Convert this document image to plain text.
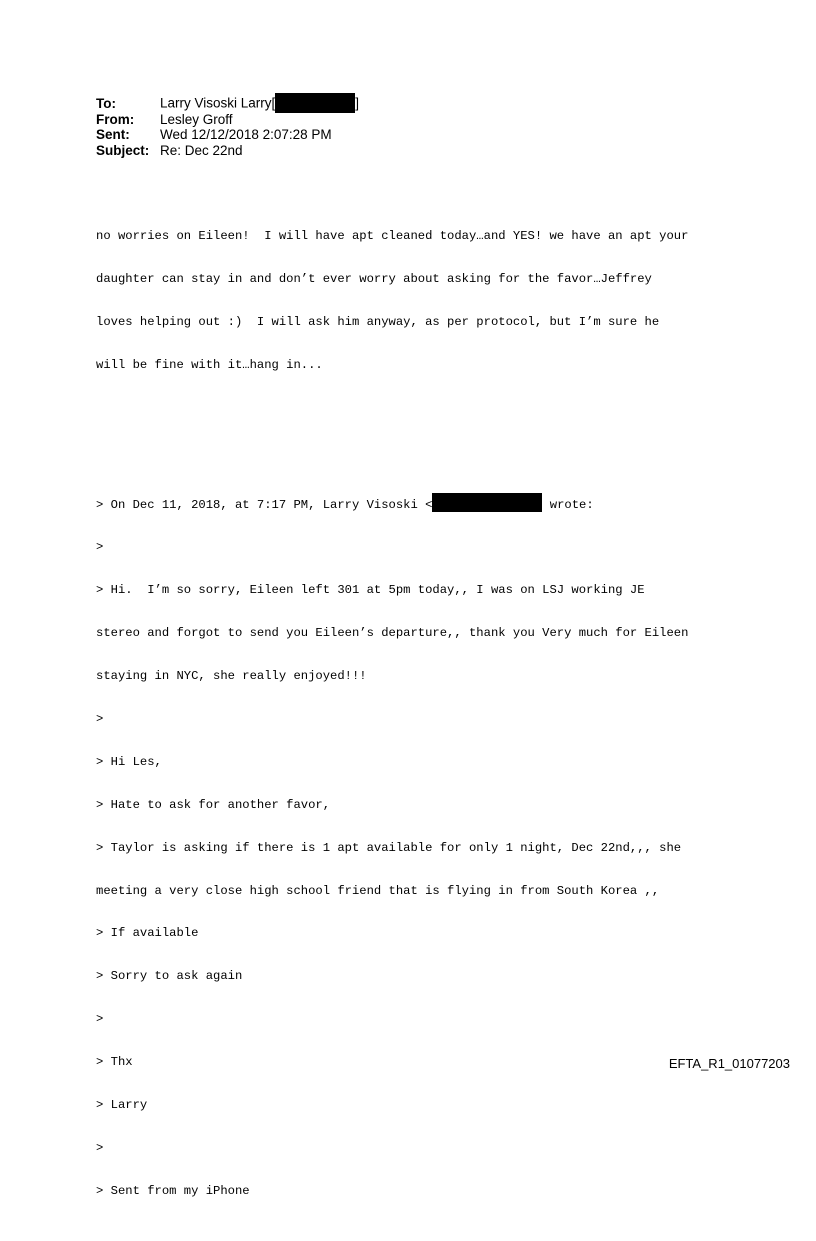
To:	Larry Visoski Larry[	]
From:	Lesley Groff
Sent:	Wed 12/12/2018 2:07:28 PM
Subject: Re: Dec 22nd

no worries on Eileen!  I will have apt cleaned today…and YES! we have an apt your

daughter can stay in and don’t ever worry about asking for the favor…Jeffrey

loves helping out :)  I will ask him anyway, as per protocol, but I’m sure he

will be fine with it…hang in...

> On Dec 11, 2018, at 7:17 PM, Larry Visoski <	wrote:

>

> Hi.  I’m so sorry, Eileen left 301 at 5pm today,, I was on LSJ working JE

stereo and forgot to send you Eileen’s departure,, thank you Very much for Eileen

staying in NYC, she really enjoyed!!!

>

> Hi Les,

> Hate to ask for another favor,

> Taylor is asking if there is 1 apt available for only 1 night, Dec 22nd,,, she

meeting a very close high school friend that is flying in from South Korea ,,

> If available

> Sorry to ask again

>

> Thx

> Larry

>

> Sent from my iPhone

EFTA_R1_01077203
